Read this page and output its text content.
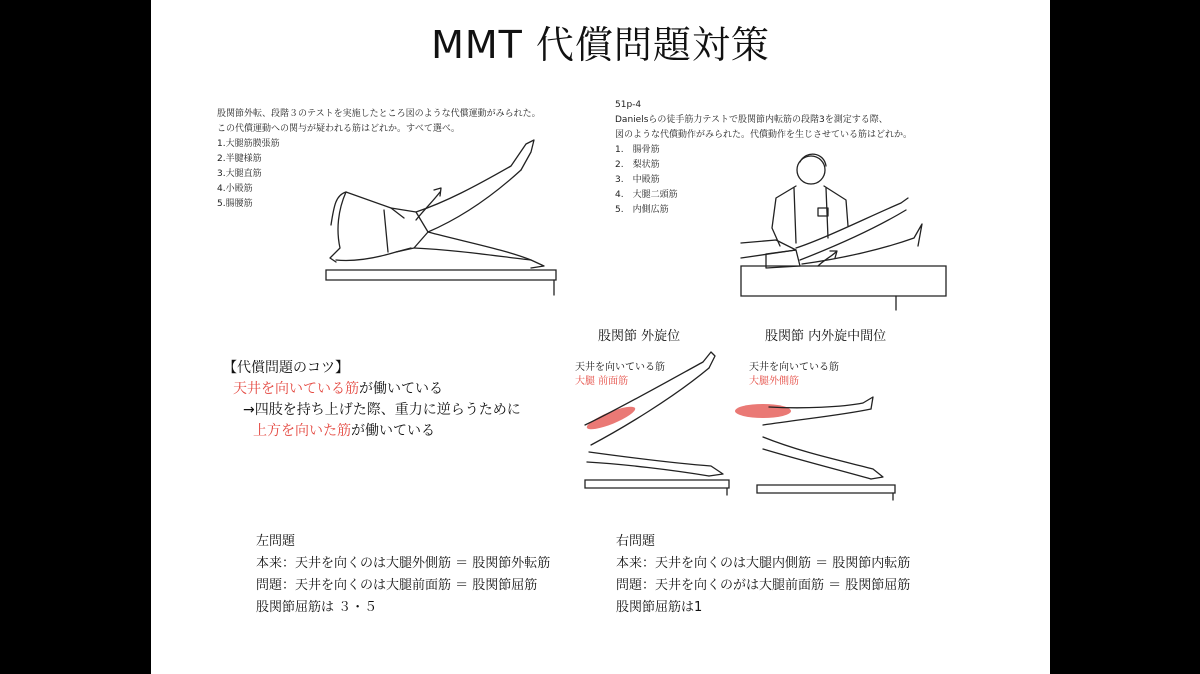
MMT 代償問題対策
股関節外転、段階３のテストを実施したところ図のような代償運動がみられた。
この代償運動への関与が疑われる筋はどれか。すべて選べ。
1.大腿筋膜張筋
2.半腱様筋
3.大腿直筋
4.小殿筋
5.腸腰筋
51p-4
Danielsらの徒手筋力テストで股関節内転筋の段階3を測定する際、
図のような代償動作がみられた。代償動作を生じさせている筋はどれか。
1.　腸骨筋
2.　梨状筋
3.　中殿筋
4.　大腿二頭筋
5.　内側広筋
【代償問題のコツ】
天井を向いている筋が働いている
→四肢を持ち上げた際、重力に逆らうために
上方を向いた筋が働いている
股関節 外旋位	股関節 内外旋中間位
天井を向いている筋
大腿 前面筋
天井を向いている筋
大腿外側筋
左問題
本来：天井を向くのは大腿外側筋 ＝ 股関節外転筋
問題：天井を向くのは大腿前面筋 ＝ 股関節屈筋
股関節屈筋は ３・５
右問題
本来：天井を向くのは大腿内側筋 ＝ 股関節内転筋
問題：天井を向くのがは大腿前面筋 ＝ 股関節屈筋
股関節屈筋は1
